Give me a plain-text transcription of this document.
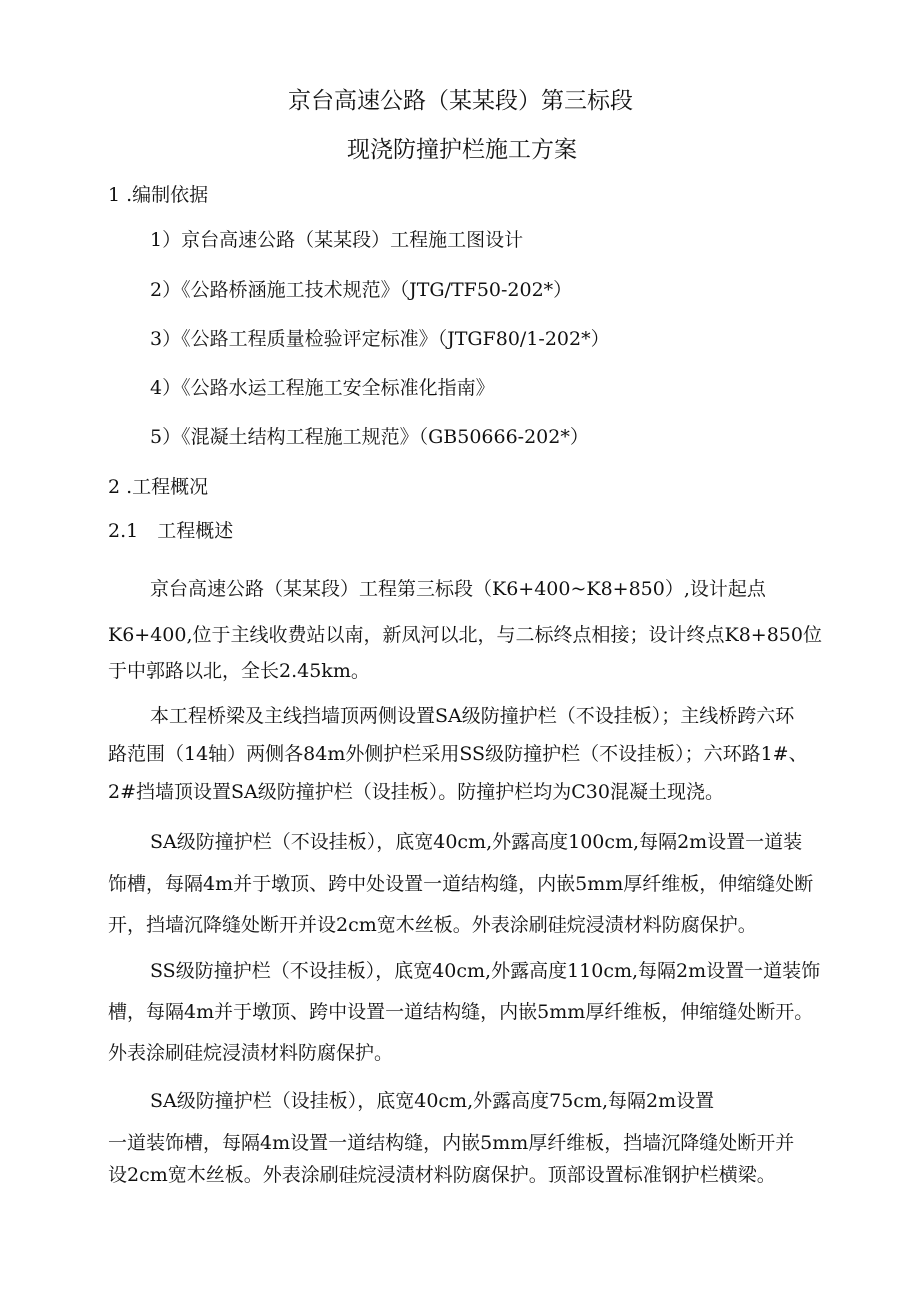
京台高速公路（某某段）第三标段
现浇防撞护栏施工方案
1 .编制依据
1）京台高速公路（某某段）工程施工图设计
2）《公路桥涵施工技术规范》（JTG/TF50-202*）
3）《公路工程质量检验评定标准》（JTGF80/1-202*）
4）《公路水运工程施工安全标准化指南》
5）《混凝土结构工程施工规范》（GB50666-202*）
2 .工程概况
2.1　工程概述
京台高速公路（某某段）工程第三标段（K6+400~K8+850）,设计起点
K6+400,位于主线收费站以南，新凤河以北，与二标终点相接；设计终点K8+850位
于中郭路以北，全长2.45km。
本工程桥梁及主线挡墙顶两侧设置SA级防撞护栏（不设挂板）；主线桥跨六环
路范围（14轴）两侧各84m外侧护栏采用SS级防撞护栏（不设挂板）；六环路1#、
2#挡墙顶设置SA级防撞护栏（设挂板）。防撞护栏均为C30混凝土现浇。
SA级防撞护栏（不设挂板），底宽40cm,外露高度100cm,每隔2m设置一道装
饰槽，每隔4m并于墩顶、跨中处设置一道结构缝，内嵌5mm厚纤维板，伸缩缝处断
开，挡墙沉降缝处断开并设2cm宽木丝板。外表涂刷硅烷浸渍材料防腐保护。
SS级防撞护栏（不设挂板），底宽40cm,外露高度110cm,每隔2m设置一道装饰
槽，每隔4m并于墩顶、跨中设置一道结构缝，内嵌5mm厚纤维板，伸缩缝处断开。
外表涂刷硅烷浸渍材料防腐保护。
SA级防撞护栏（设挂板），底宽40cm,外露高度75cm,每隔2m设置
一道装饰槽，每隔4m设置一道结构缝，内嵌5mm厚纤维板，挡墙沉降缝处断开并
设2cm宽木丝板。外表涂刷硅烷浸渍材料防腐保护。顶部设置标准钢护栏横梁。
